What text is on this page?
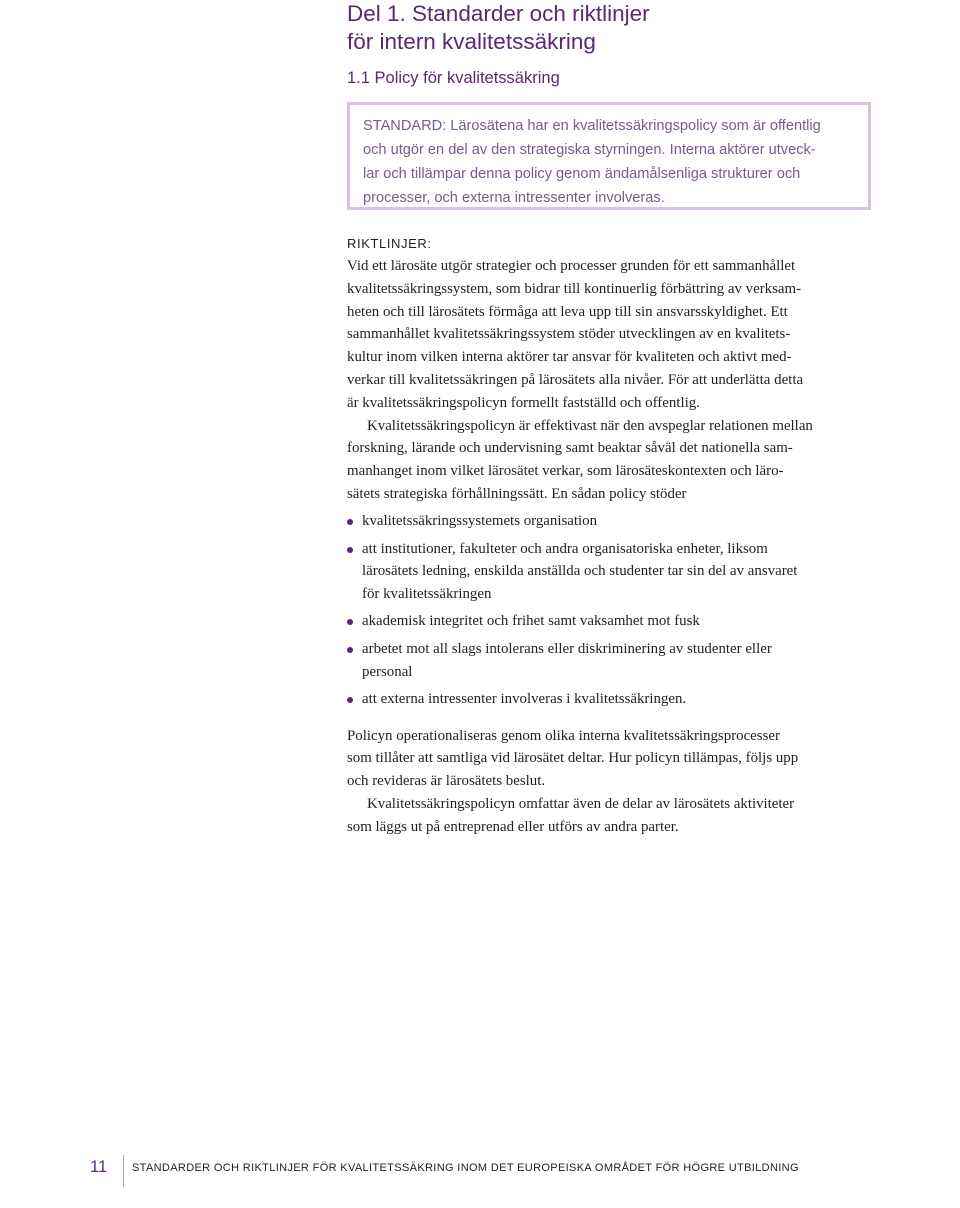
Del 1. Standarder och riktlinjer
för intern kvalitetssäkring
1.1 Policy för kvalitetssäkring
STANDARD: Lärosätena har en kvalitetssäkringspolicy som är offentlig
och utgör en del av den strategiska styrningen. Interna aktörer utveck-
lar och tillämpar denna policy genom ändamålsenliga strukturer och
processer, och externa intressenter involveras.
RIKTLINJER:

Vid ett lärosäte utgör strategier och processer grunden för ett sammanhållet
kvalitetssäkringssystem, som bidrar till kontinuerlig förbättring av verksam-
heten och till lärosätets förmåga att leva upp till sin ansvarsskyldighet. Ett
sammanhållet kvalitetssäkringssystem stöder utvecklingen av en kvalitets-
kultur inom vilken interna aktörer tar ansvar för kvaliteten och aktivt med-
verkar till kvalitetssäkringen på lärosätets alla nivåer. För att underlätta detta
är kvalitetssäkringspolicyn formellt fastställd och offentlig.

Kvalitetssäkringspolicyn är effektivast när den avspeglar relationen mellan
forskning, lärande och undervisning samt beaktar såväl det nationella sam-
manhanget inom vilket lärosätet verkar, som lärosäteskontexten och läro-
sätets strategiska förhållningssätt. En sådan policy stöder

kvalitetssäkringssystemets organisation
att institutioner, fakulteter och andra organisatoriska enheter, liksom
lärosätets ledning, enskilda anställda och studenter tar sin del av ansvaret
för kvalitetssäkringen
akademisk integritet och frihet samt vaksamhet mot fusk
arbetet mot all slags intolerans eller diskriminering av studenter eller
personal
att externa intressenter involveras i kvalitetssäkringen.

Policyn operationaliseras genom olika interna kvalitetssäkringsprocesser
som tillåter att samtliga vid lärosätet deltar. Hur policyn tillämpas, följs upp
och revideras är lärosätets beslut.

Kvalitetssäkringspolicyn omfattar även de delar av lärosätets aktiviteter
som läggs ut på entreprenad eller utförs av andra parter.

11 STANDARDER OCH RIKTLINJER FÖR KVALITETSSÄKRING INOM DET EUROPEISKA OMRÅDET FÖR HÖGRE UTBILDNING
